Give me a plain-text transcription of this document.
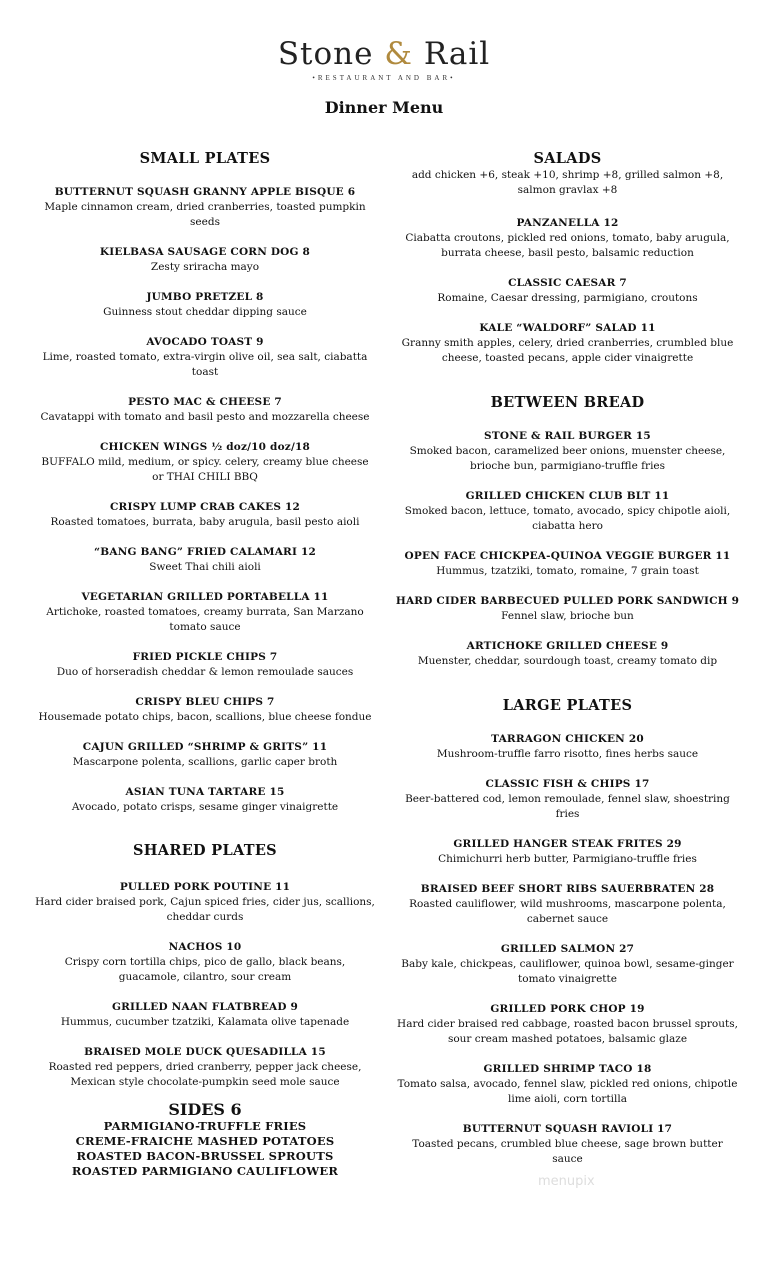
Stone & Rail
•RESTAURANT AND BAR•
Dinner Menu
SMALL PLATES
BUTTERNUT SQUASH GRANNY APPLE BISQUE 6
Maple cinnamon cream, dried cranberries, toasted pumpkin
seeds
KIELBASA SAUSAGE CORN DOG 8
Zesty sriracha mayo
JUMBO PRETZEL 8
Guinness stout cheddar dipping sauce
AVOCADO TOAST 9
Lime, roasted tomato, extra-virgin olive oil, sea salt, ciabatta
toast
PESTO MAC & CHEESE 7
Cavatappi with tomato and basil pesto and mozzarella cheese
CHICKEN WINGS ½ doz/10 doz/18
BUFFALO mild, medium, or spicy. celery, creamy blue cheese
or THAI CHILI BBQ
CRISPY LUMP CRAB CAKES 12
Roasted tomatoes, burrata, baby arugula, basil pesto aioli
“BANG BANG” FRIED CALAMARI 12
Sweet Thai chili aioli
VEGETARIAN GRILLED PORTABELLA 11
Artichoke, roasted tomatoes, creamy burrata, San Marzano
tomato sauce
FRIED PICKLE CHIPS 7
Duo of horseradish cheddar & lemon remoulade sauces
CRISPY BLEU CHIPS 7
Housemade potato chips, bacon, scallions, blue cheese fondue
CAJUN GRILLED “SHRIMP & GRITS” 11
Mascarpone polenta, scallions, garlic caper broth
ASIAN TUNA TARTARE 15
Avocado, potato crisps, sesame ginger vinaigrette
SHARED PLATES
PULLED PORK POUTINE 11
Hard cider braised pork, Cajun spiced fries, cider jus, scallions,
cheddar curds
NACHOS 10
Crispy corn tortilla chips, pico de gallo, black beans,
guacamole, cilantro, sour cream
GRILLED NAAN FLATBREAD 9
Hummus, cucumber tzatziki, Kalamata olive tapenade
BRAISED MOLE DUCK QUESADILLA 15
Roasted red peppers, dried cranberry, pepper jack cheese,
Mexican style chocolate-pumpkin seed mole sauce
SIDES 6
PARMIGIANO-TRUFFLE FRIES
CREME-FRAICHE MASHED POTATOES
ROASTED BACON-BRUSSEL SPROUTS
ROASTED PARMIGIANO CAULIFLOWER
SALADS
add chicken +6, steak +10, shrimp +8, grilled salmon +8,
salmon gravlax +8
PANZANELLA 12
Ciabatta croutons, pickled red onions, tomato, baby arugula,
burrata cheese, basil pesto, balsamic reduction
CLASSIC CAESAR 7
Romaine, Caesar dressing, parmigiano, croutons
KALE “WALDORF” SALAD 11
Granny smith apples, celery, dried cranberries, crumbled blue
cheese, toasted pecans, apple cider vinaigrette
BETWEEN BREAD
STONE & RAIL BURGER 15
Smoked bacon, caramelized beer onions, muenster cheese,
brioche bun, parmigiano-truffle fries
GRILLED CHICKEN CLUB BLT 11
Smoked bacon, lettuce, tomato, avocado, spicy chipotle aioli,
ciabatta hero
OPEN FACE CHICKPEA-QUINOA VEGGIE BURGER 11
Hummus, tzatziki, tomato, romaine, 7 grain toast
HARD CIDER BARBECUED PULLED PORK SANDWICH 9
Fennel slaw, brioche bun
ARTICHOKE GRILLED CHEESE 9
Muenster, cheddar, sourdough toast, creamy tomato dip
LARGE PLATES
TARRAGON CHICKEN 20
Mushroom-truffle farro risotto, fines herbs sauce
CLASSIC FISH & CHIPS 17
Beer-battered cod, lemon remoulade, fennel slaw, shoestring
fries
GRILLED HANGER STEAK FRITES 29
Chimichurri herb butter, Parmigiano-truffle fries
BRAISED BEEF SHORT RIBS SAUERBRATEN 28
Roasted cauliflower, wild mushrooms, mascarpone polenta,
cabernet sauce
GRILLED SALMON 27
Baby kale, chickpeas, cauliflower, quinoa bowl, sesame-ginger
tomato vinaigrette
GRILLED PORK CHOP 19
Hard cider braised red cabbage, roasted bacon brussel sprouts,
sour cream mashed potatoes, balsamic glaze
GRILLED SHRIMP TACO 18
Tomato salsa, avocado, fennel slaw, pickled red onions, chipotle
lime aioli, corn tortilla
BUTTERNUT SQUASH RAVIOLI 17
Toasted pecans, crumbled blue cheese, sage brown butter
sauce
menupix
